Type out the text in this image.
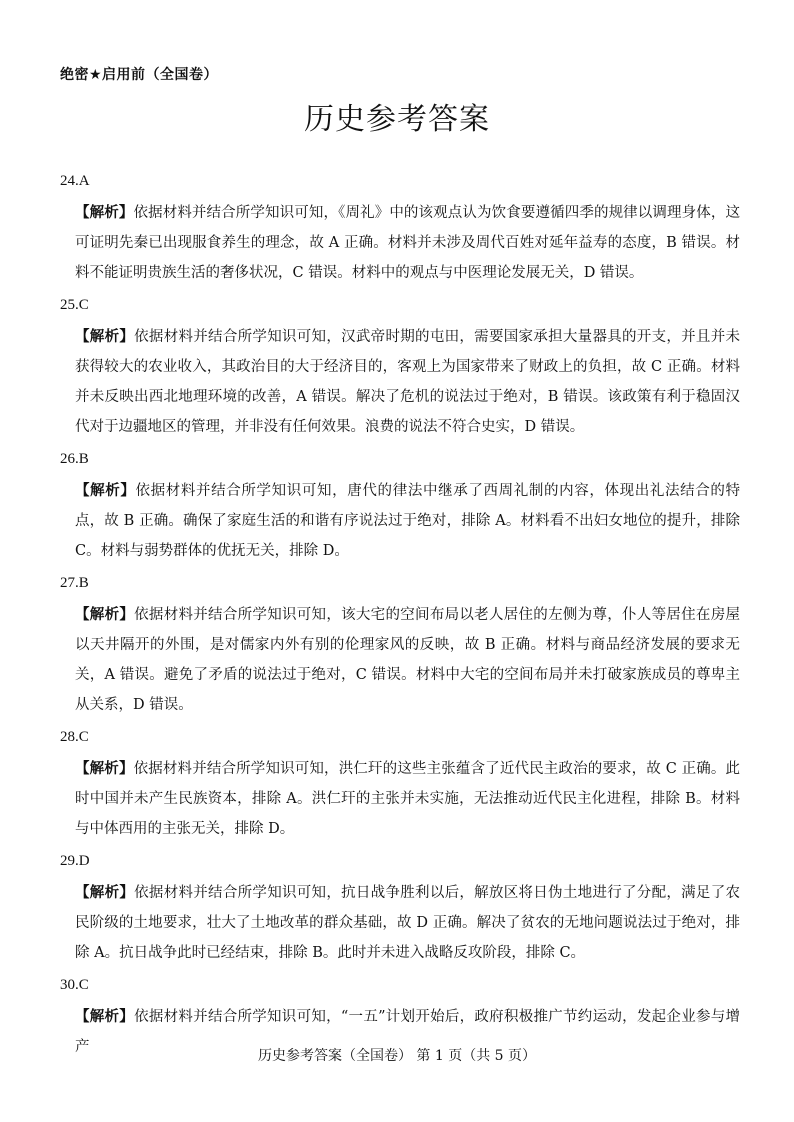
绝密★启用前（全国卷）
历史参考答案
24.A
【解析】依据材料并结合所学知识可知，《周礼》中的该观点认为饮食要遵循四季的规律以调理身体，这可证明先秦已出现服食养生的理念，故 A 正确。材料并未涉及周代百姓对延年益寿的态度，B 错误。材料不能证明贵族生活的奢侈状况，C 错误。材料中的观点与中医理论发展无关，D 错误。
25.C
【解析】依据材料并结合所学知识可知，汉武帝时期的屯田，需要国家承担大量器具的开支，并且并未获得较大的农业收入，其政治目的大于经济目的，客观上为国家带来了财政上的负担，故 C 正确。材料并未反映出西北地理环境的改善，A 错误。解决了危机的说法过于绝对，B 错误。该政策有利于稳固汉代对于边疆地区的管理，并非没有任何效果。浪费的说法不符合史实，D 错误。
26.B
【解析】依据材料并结合所学知识可知，唐代的律法中继承了西周礼制的内容，体现出礼法结合的特点，故 B 正确。确保了家庭生活的和谐有序说法过于绝对，排除 A。材料看不出妇女地位的提升，排除 C。材料与弱势群体的优抚无关，排除 D。
27.B
【解析】依据材料并结合所学知识可知，该大宅的空间布局以老人居住的左侧为尊，仆人等居住在房屋以天井隔开的外围，是对儒家内外有别的伦理家风的反映，故 B 正确。材料与商品经济发展的要求无关，A 错误。避免了矛盾的说法过于绝对，C 错误。材料中大宅的空间布局并未打破家族成员的尊卑主从关系，D 错误。
28.C
【解析】依据材料并结合所学知识可知，洪仁玕的这些主张蕴含了近代民主政治的要求，故 C 正确。此时中国并未产生民族资本，排除 A。洪仁玕的主张并未实施，无法推动近代民主化进程，排除 B。材料与中体西用的主张无关，排除 D。
29.D
【解析】依据材料并结合所学知识可知，抗日战争胜利以后，解放区将日伪土地进行了分配，满足了农民阶级的土地要求，壮大了土地改革的群众基础，故 D 正确。解决了贫农的无地问题说法过于绝对，排除 A。抗日战争此时已经结束，排除 B。此时并未进入战略反攻阶段，排除 C。
30.C
【解析】依据材料并结合所学知识可知，“一五”计划开始后，政府积极推广节约运动，发起企业参与增产
历史参考答案（全国卷） 第 1 页（共 5 页）
